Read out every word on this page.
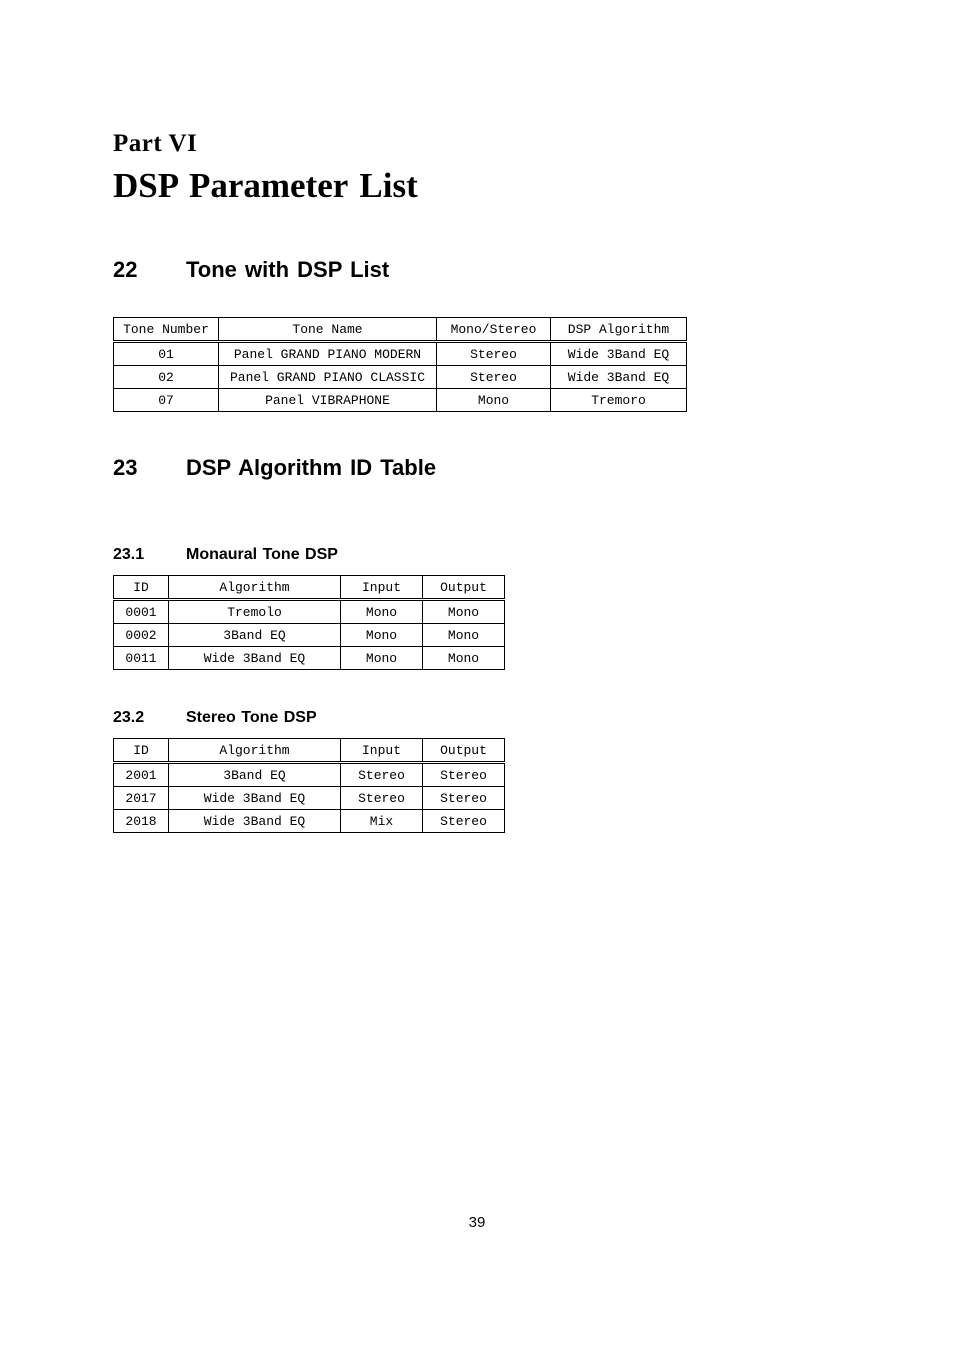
Part VI
DSP Parameter List
22 Tone with DSP List
Tone Number	Tone Name	Mono/Stereo	DSP Algorithm
01	Panel GRAND PIANO MODERN	Stereo	Wide 3Band EQ
02	Panel GRAND PIANO CLASSIC	Stereo	Wide 3Band EQ
07	Panel VIBRAPHONE	Mono	Tremoro
23 DSP Algorithm ID Table
23.1	Monaural Tone DSP
ID	Algorithm	Input	Output
0001	Tremolo	Mono	Mono
0002	3Band EQ	Mono	Mono
0011	Wide 3Band EQ	Mono	Mono
23.2	Stereo Tone DSP
ID	Algorithm	Input	Output
2001	3Band EQ	Stereo	Stereo
2017	Wide 3Band EQ	Stereo	Stereo
2018	Wide 3Band EQ	Mix	Stereo
39
